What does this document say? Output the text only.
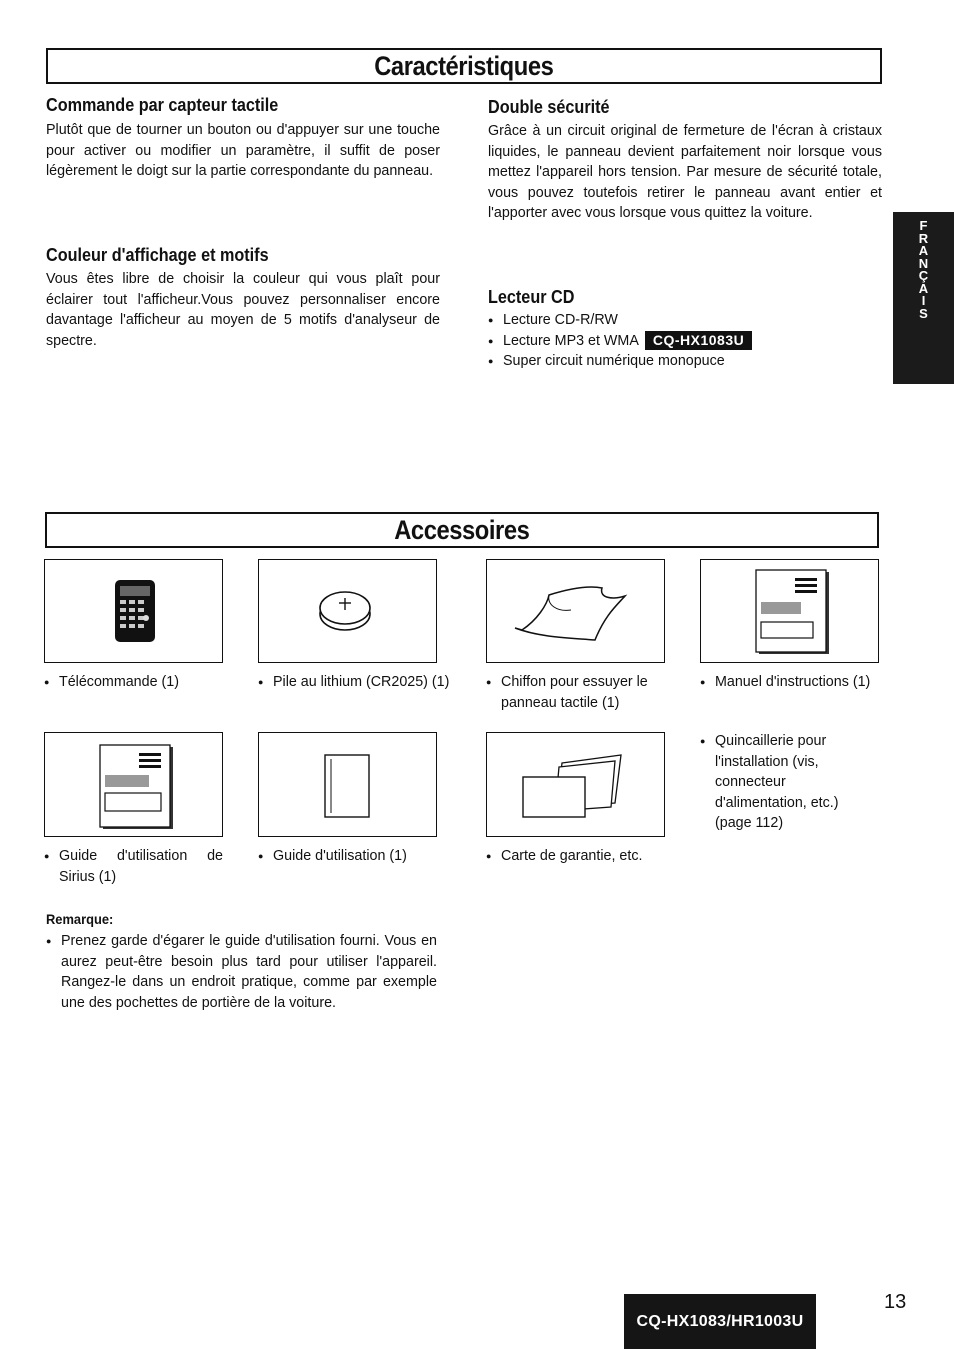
Caractéristiques
Commande par capteur tactile
Plutôt que de tourner un bouton ou d'appuyer sur une touche pour activer ou modifier un paramètre, il suffit de poser légèrement le doigt sur la partie correspondante du panneau.
Couleur d'affichage et motifs
Vous êtes libre de choisir la couleur qui vous plaît pour éclairer tout l'afficheur.Vous pouvez personnaliser encore davantage l'afficheur au moyen de 5 motifs d'analyseur de spectre.
Double sécurité
Grâce à un circuit original de fermeture de l'écran à cristaux liquides, le panneau devient parfaitement noir lorsque vous mettez l'appareil hors tension. Par mesure de sécurité totale, vous pouvez toutefois retirer le panneau avant entier et l'apporter avec vous lorsque vous quittez la voiture.
Lecteur CD
● Lecture CD-R/RW
● Lecture MP3 et WMA CQ-HX1083U
● Super circuit numérique monopuce
F
R
A
N
Ç
A
I
S
Accessoires
● Télécommande (1)	● Pile au lithium (CR2025) (1)	● Chiffon pour essuyer le panneau tactile (1)
● Manuel d'instructions (1)
● Guide d'utilisation de Sirius (1)
● Guide d'utilisation (1)	● Carte de garantie, etc.
● Quincaillerie pour l'installation (vis, connecteur d'alimentation, etc.) (page 112)
Remarque:
● Prenez garde d'égarer le guide d'utilisation fourni. Vous en aurez peut-être besoin plus tard pour utiliser l'appareil. Rangez-le dans un endroit pratique, comme par exemple une des pochettes de portière de la voiture.
CQ-HX1083/HR1003U
13
